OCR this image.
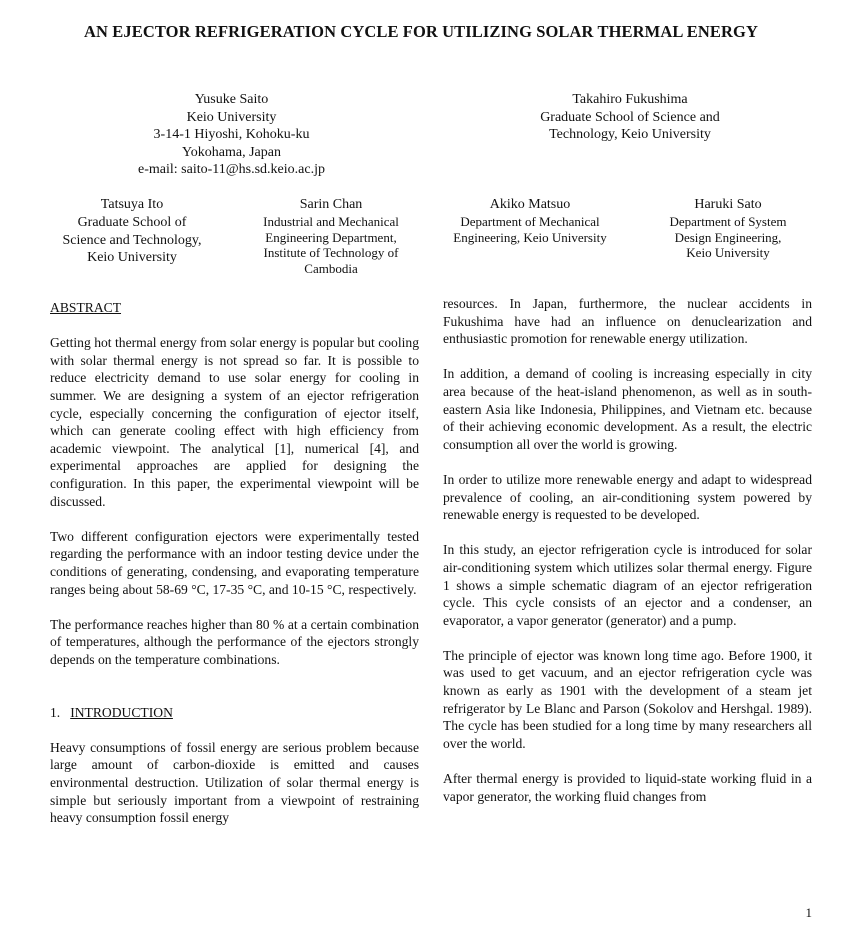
AN EJECTOR REFRIGERATION CYCLE FOR UTILIZING SOLAR THERMAL ENERGY
Yusuke Saito
Keio University
3-14-1 Hiyoshi, Kohoku-ku
Yokohama, Japan
e-mail: saito-11@hs.sd.keio.ac.jp
Takahiro Fukushima
Graduate School of Science and
Technology, Keio University
Tatsuya Ito
Graduate School of
Science and Technology,
Keio University
Sarin Chan
Industrial and Mechanical
Engineering Department,
Institute of Technology of
Cambodia
Akiko Matsuo
Department of Mechanical
Engineering, Keio University
Haruki Sato
Department of System
Design Engineering,
Keio University

ABSTRACT

Getting hot thermal energy from solar energy is popular but cooling with solar thermal energy is not spread so far. It is possible to reduce electricity demand to use solar energy for cooling in summer. We are designing a system of an ejector refrigeration cycle, especially concerning the configuration of ejector itself, which can generate cooling effect with high efficiency from academic viewpoint. The analytical [1], numerical [4], and experimental approaches are applied for designing the configuration. In this paper, the experimental viewpoint will be discussed.

Two different configuration ejectors were experimentally tested regarding the performance with an indoor testing device under the conditions of generating, condensing, and evaporating temperature ranges being about 58-69 °C, 17-35 °C, and 10-15 °C, respectively.

The performance reaches higher than 80 % at a certain combination of temperatures, although the performance of the ejectors strongly depends on the temperature combinations.

1. INTRODUCTION

Heavy consumptions of fossil energy are serious problem because large amount of carbon-dioxide is emitted and causes environmental destruction. Utilization of solar thermal energy is simple but seriously important from a viewpoint of restraining heavy consumption fossil energy

resources. In Japan, furthermore, the nuclear accidents in Fukushima have had an influence on denuclearization and enthusiastic promotion for renewable energy utilization.

In addition, a demand of cooling is increasing especially in city area because of the heat-island phenomenon, as well as in south-eastern Asia like Indonesia, Philippines, and Vietnam etc. because of their achieving economic development. As a result, the electric consumption all over the world is growing.

In order to utilize more renewable energy and adapt to widespread prevalence of cooling, an air-conditioning system powered by renewable energy is requested to be developed.

In this study, an ejector refrigeration cycle is introduced for solar air-conditioning system which utilizes solar thermal energy. Figure 1 shows a simple schematic diagram of an ejector refrigeration cycle. This cycle consists of an ejector and a condenser, an evaporator, a vapor generator (generator) and a pump.

The principle of ejector was known long time ago. Before 1900, it was used to get vacuum, and an ejector refrigeration cycle was known as early as 1901 with the development of a steam jet refrigerator by Le Blanc and Parson (Sokolov and Hershgal. 1989). The cycle has been studied for a long time by many researchers all over the world.

After thermal energy is provided to liquid-state working fluid in a vapor generator, the working fluid changes from

1
